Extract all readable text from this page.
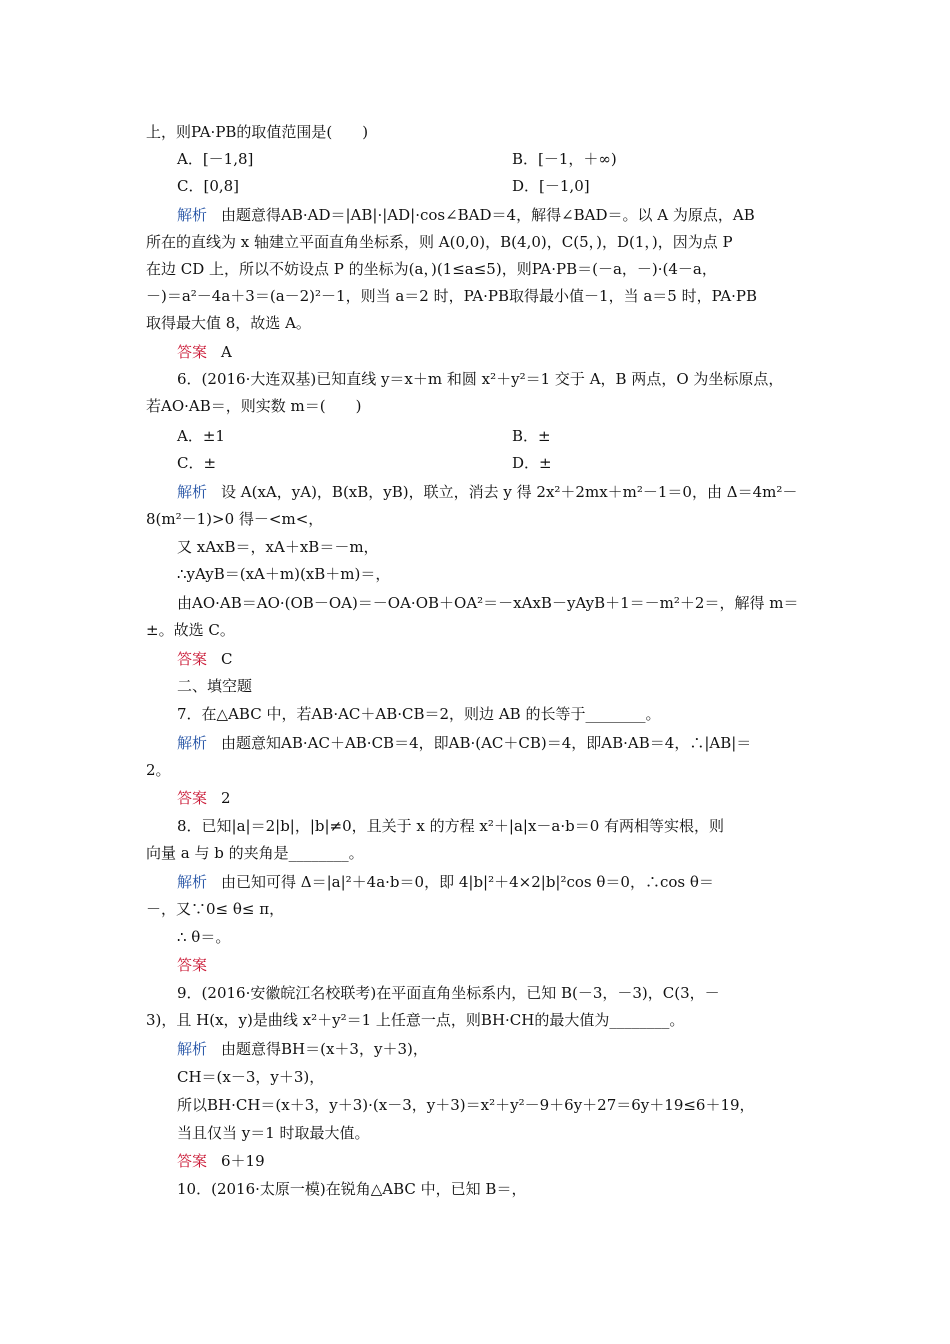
上，则PA·PB的取值范围是(　　)
A．[－1,8]	B．[－1，＋∞)
C．[0,8]	D．[－1,0]
解析 由题意得AB·AD＝|AB|·|AD|·cos∠BAD＝4，解得∠BAD＝。以 A 为原点，AB
所在的直线为 x 轴建立平面直角坐标系，则 A(0,0)，B(4,0)，C(5，)，D(1，)，因为点 P
在边 CD 上，所以不妨设点 P 的坐标为(a，)(1≤a≤5)，则PA·PB＝(－a，－)·(4－a，
－)＝a²－4a＋3＝(a－2)²－1，则当 a＝2 时，PA·PB取得最小值－1，当 a＝5 时，PA·PB
取得最大值 8，故选 A。
答案 A
6．(2016·大连双基)已知直线 y＝x＋m 和圆 x²＋y²＝1 交于 A，B 两点，O 为坐标原点，
若AO·AB＝，则实数 m＝(　　)
A．±1	B．±
C．±	D．±
解析 设 A(xA，yA)，B(xB，yB)，联立，消去 y 得 2x²＋2mx＋m²－1＝0，由 Δ＝4m²－
8(m²－1)>0 得－<m<，
又 xAxB＝，xA＋xB＝－m，
∴yAyB＝(xA＋m)(xB＋m)＝，
由AO·AB＝AO·(OB－OA)＝－OA·OB＋OA²＝－xAxB－yAyB＋1＝－m²＋2＝，解得 m＝
±。故选 C。
答案 C
二、填空题
7．在△ABC 中，若AB·AC＋AB·CB＝2，则边 AB 的长等于________。
解析 由题意知AB·AC＋AB·CB＝4，即AB·(AC＋CB)＝4，即AB·AB＝4，∴|AB|＝
2。
答案 2
8．已知|a|＝2|b|，|b|≠0，且关于 x 的方程 x²＋|a|x－a·b＝0 有两相等实根，则
向量 a 与 b 的夹角是________。
解析 由已知可得 Δ＝|a|²＋4a·b＝0，即 4|b|²＋4×2|b|²cos θ＝0，∴cos θ＝
－，又∵0≤ θ≤ π，
∴ θ＝。
答案
9．(2016·安徽皖江名校联考)在平面直角坐标系内，已知 B(－3，－3)，C(3，－
3)，且 H(x，y)是曲线 x²＋y²＝1 上任意一点，则BH·CH的最大值为________。
解析 由题意得BH＝(x＋3，y＋3)，
CH＝(x－3，y＋3)，
所以BH·CH＝(x＋3，y＋3)·(x－3，y＋3)＝x²＋y²－9＋6y＋27＝6y＋19≤6＋19，
当且仅当 y＝1 时取最大值。
答案 6＋19
10．(2016·太原一模)在锐角△ABC 中，已知 B＝，
